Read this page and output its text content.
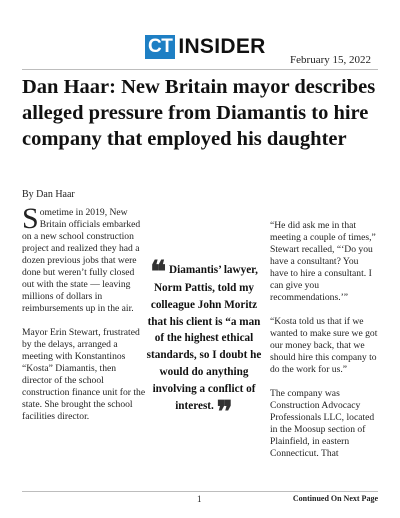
CT INSIDER
February 15, 2022
Dan Haar: New Britain mayor describes alleged pressure from Diamantis to hire company that employed his daughter
By Dan Haar

Sometime in 2019, New Britain officials embarked on a new school construction project and realized they had a dozen previous jobs that were done but weren’t fully closed out with the state — leaving millions of dollars in reimbursements up in the air.

Mayor Erin Stewart, frustrated by the delays, arranged a meeting with Konstantinos “Kosta” Diamantis, then director of the school construction finance unit for the state. She brought the school facilities director.

❝ Diamantis’ lawyer, Norm Pattis, told my colleague John Moritz that his client is “a man of the highest ethical standards, so I doubt he would do anything involving a conflict of interest. ❞

“He did ask me in that meeting a couple of times,” Stewart recalled, “‘Do you have a consultant? You have to hire a consultant. I can give you recommendations.’”

“Kosta told us that if we wanted to make sure we got our money back, that we should hire this company to do the work for us.”

The company was Construction Advocacy Professionals LLC, located in the Moosup section of Plainfield, in eastern Connecticut. That

1	Continued On Next Page
